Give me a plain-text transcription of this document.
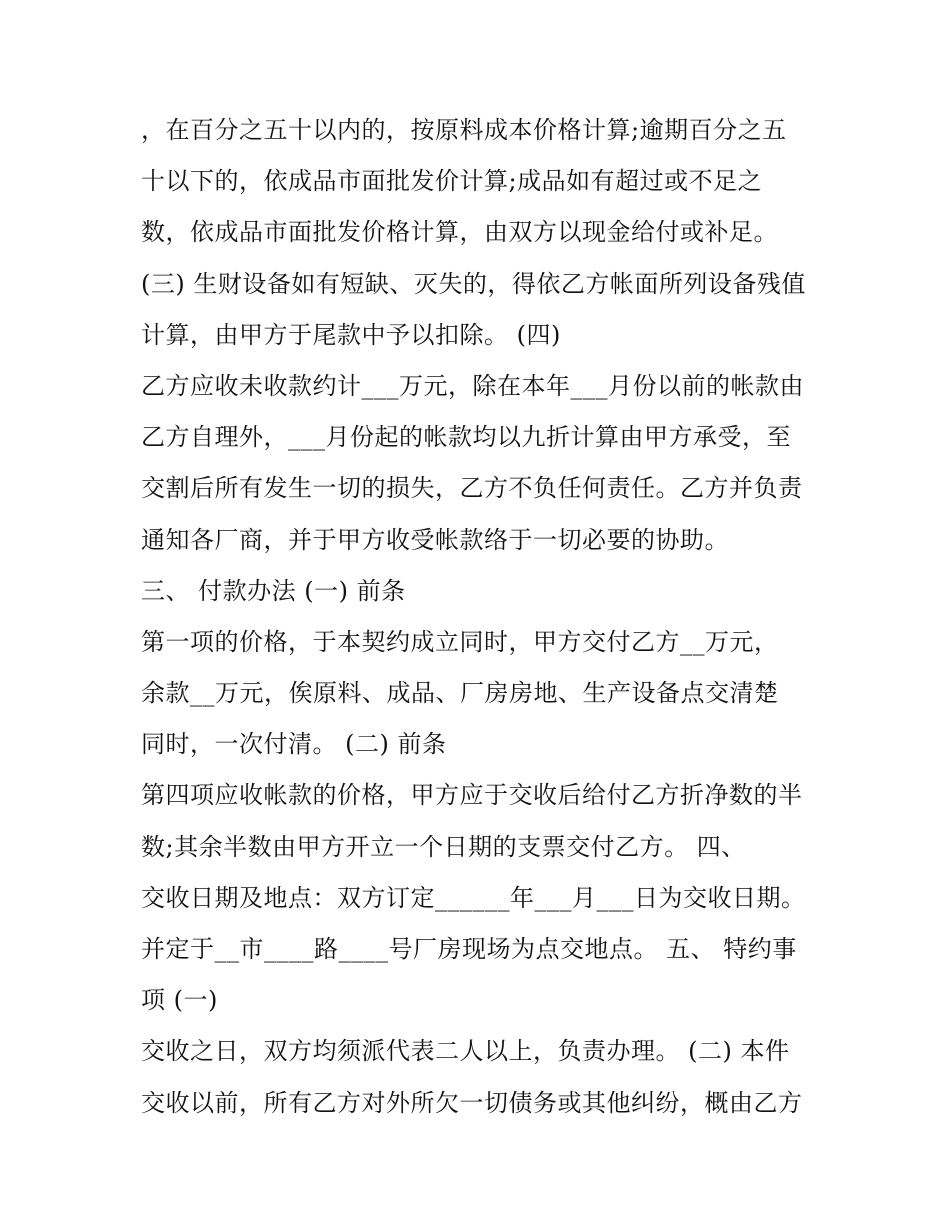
，在百分之五十以内的，按原料成本价格计算;逾期百分之五
十以下的，依成品市面批发价计算;成品如有超过或不足之
数，依成品市面批发价格计算，由双方以现金给付或补足。
(三) 生财设备如有短缺、灭失的，得依乙方帐面所列设备残值
计算，由甲方于尾款中予以扣除。 (四)
乙方应收未收款约计___万元，除在本年___月份以前的帐款由
乙方自理外，___月份起的帐款均以九折计算由甲方承受，至
交割后所有发生一切的损失，乙方不负任何责任。乙方并负责
通知各厂商，并于甲方收受帐款络于一切必要的协助。
三、 付款办法 (一) 前条
第一项的价格，于本契约成立同时，甲方交付乙方__万元，
余款__万元，俟原料、成品、厂房房地、生产设备点交清楚
同时，一次付清。 (二) 前条
第四项应收帐款的价格，甲方应于交收后给付乙方折净数的半
数;其余半数由甲方开立一个日期的支票交付乙方。 四、
交收日期及地点：双方订定______年___月___日为交收日期。
并定于__市____路____号厂房现场为点交地点。 五、 特约事
项 (一)
交收之日，双方均须派代表二人以上，负责办理。 (二) 本件
交收以前，所有乙方对外所欠一切债务或其他纠纷，概由乙方
